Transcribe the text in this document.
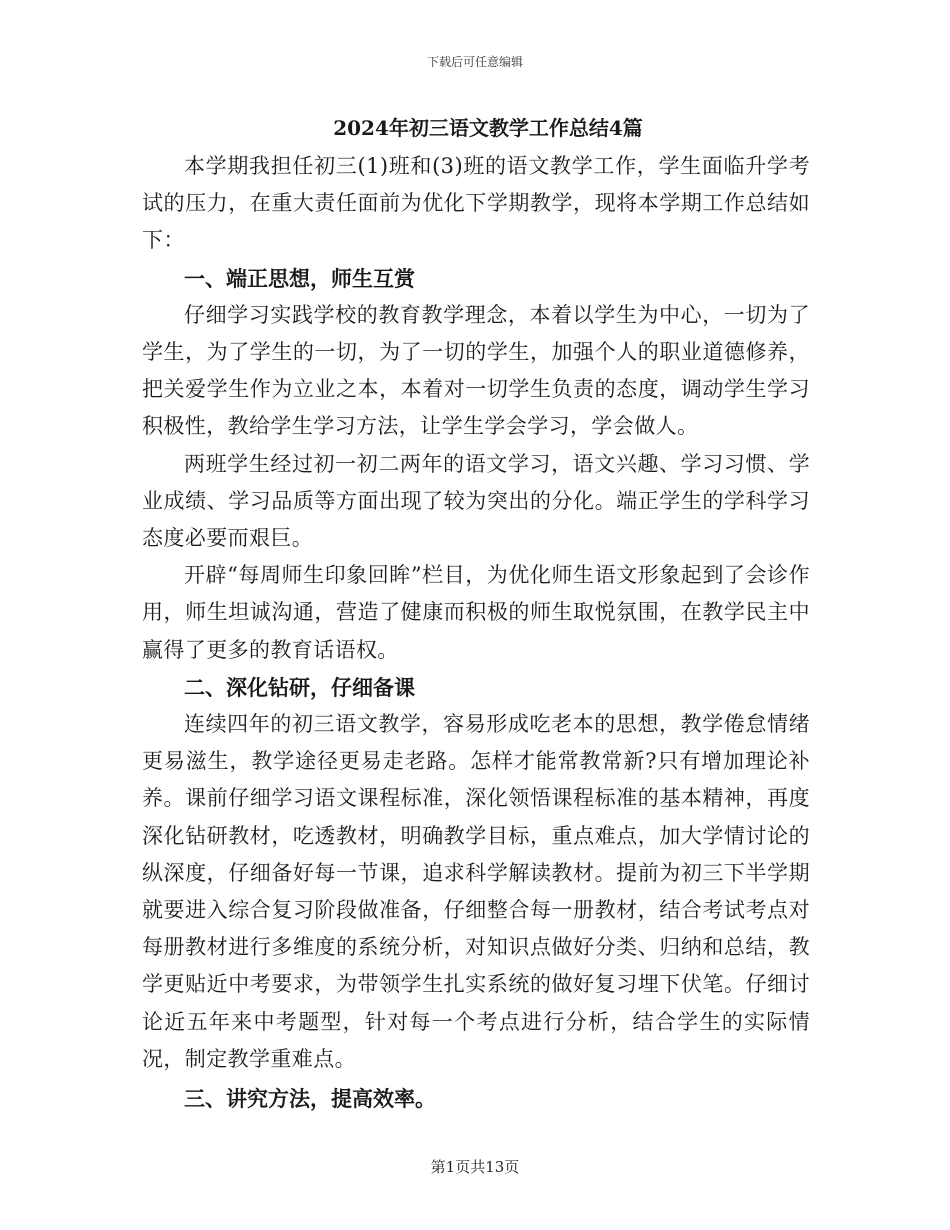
下载后可任意编辑
2024年初三语文教学工作总结4篇

本学期我担任初三(1)班和(3)班的语文教学工作，学生面临升学考试的压力，在重大责任面前为优化下学期教学，现将本学期工作总结如下：

一、端正思想，师生互赏

仔细学习实践学校的教育教学理念，本着以学生为中心，一切为了学生，为了学生的一切，为了一切的学生，加强个人的职业道德修养，把关爱学生作为立业之本，本着对一切学生负责的态度，调动学生学习积极性，教给学生学习方法，让学生学会学习，学会做人。

两班学生经过初一初二两年的语文学习，语文兴趣、学习习惯、学业成绩、学习品质等方面出现了较为突出的分化。端正学生的学科学习态度必要而艰巨。

开辟“每周师生印象回眸”栏目，为优化师生语文形象起到了会诊作用，师生坦诚沟通，营造了健康而积极的师生取悦氛围，在教学民主中赢得了更多的教育话语权。

二、深化钻研，仔细备课

连续四年的初三语文教学，容易形成吃老本的思想，教学倦怠情绪更易滋生，教学途径更易走老路。怎样才能常教常新?只有增加理论补养。课前仔细学习语文课程标准，深化领悟课程标准的基本精神，再度深化钻研教材，吃透教材，明确教学目标，重点难点，加大学情讨论的纵深度，仔细备好每一节课，追求科学解读教材。提前为初三下半学期就要进入综合复习阶段做准备，仔细整合每一册教材，结合考试考点对每册教材进行多维度的系统分析，对知识点做好分类、归纳和总结，教学更贴近中考要求，为带领学生扎实系统的做好复习埋下伏笔。仔细讨论近五年来中考题型，针对每一个考点进行分析，结合学生的实际情况，制定教学重难点。

三、讲究方法，提高效率。

第1页共13页
